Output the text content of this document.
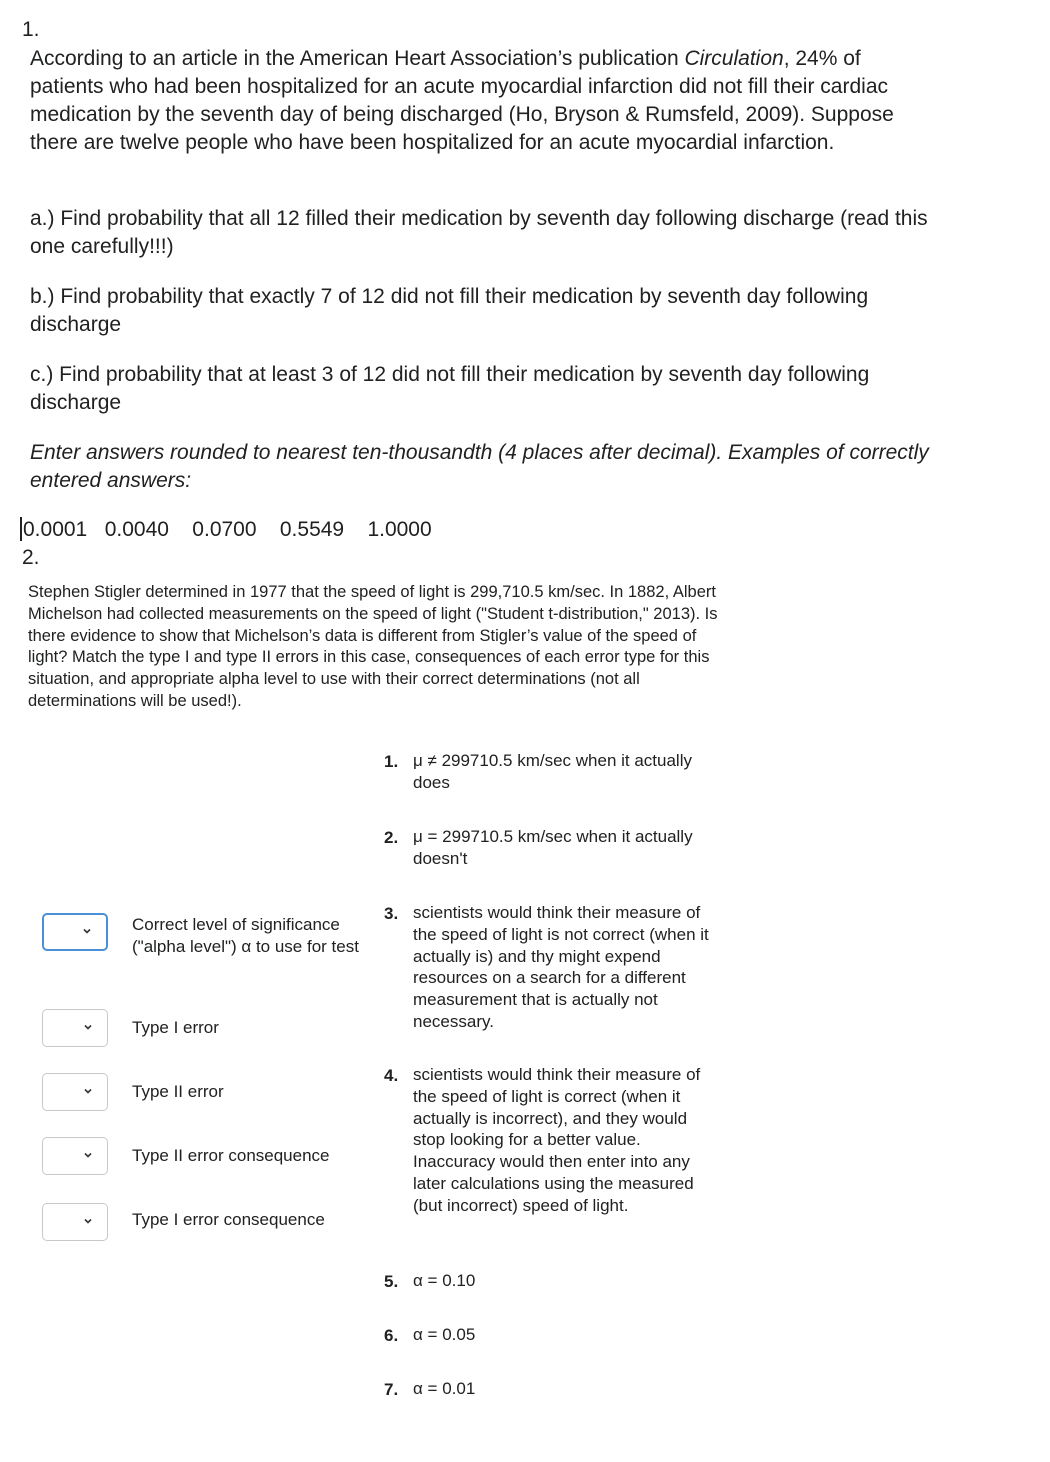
1.
According to an article in the American Heart Association’s publication Circulation, 24% of patients who had been hospitalized for an acute myocardial infarction did not fill their cardiac medication by the seventh day of being discharged (Ho, Bryson & Rumsfeld, 2009). Suppose there are twelve people who have been hospitalized for an acute myocardial infarction.
a.) Find probability that all 12 filled their medication by seventh day following discharge (read this one carefully!!!)
b.) Find probability that exactly 7 of 12 did not fill their medication by seventh day following discharge
c.) Find probability that at least 3 of 12 did not fill their medication by seventh day following discharge
Enter answers rounded to nearest ten-thousandth (4 places after decimal). Examples of correctly entered answers:
0.0001   0.0040    0.0700    0.5549    1.0000
2.
Stephen Stigler determined in 1977 that the speed of light is 299,710.5 km/sec. In 1882, Albert Michelson had collected measurements on the speed of light ("Student t-distribution," 2013). Is there evidence to show that Michelson’s data is different from Stigler’s value of the speed of light? Match the type I and type II errors in this case, consequences of each error type for this situation, and appropriate alpha level to use with their correct determinations (not all determinations will be used!).
Correct level of significance ("alpha level") α to use for test
Type I error
Type II error
Type II error consequence
Type I error consequence
1. μ ≠ 299710.5 km/sec when it actually does
2. μ = 299710.5 km/sec when it actually doesn't
3. scientists would think their measure of the speed of light is not correct (when it actually is) and thy might expend resources on a search for a different measurement that is actually not necessary.
4. scientists would think their measure of the speed of light is correct (when it actually is incorrect), and they would stop looking for a better value. Inaccuracy would then enter into any later calculations using the measured (but incorrect) speed of light.
5. α = 0.10
6. α = 0.05
7. α = 0.01
